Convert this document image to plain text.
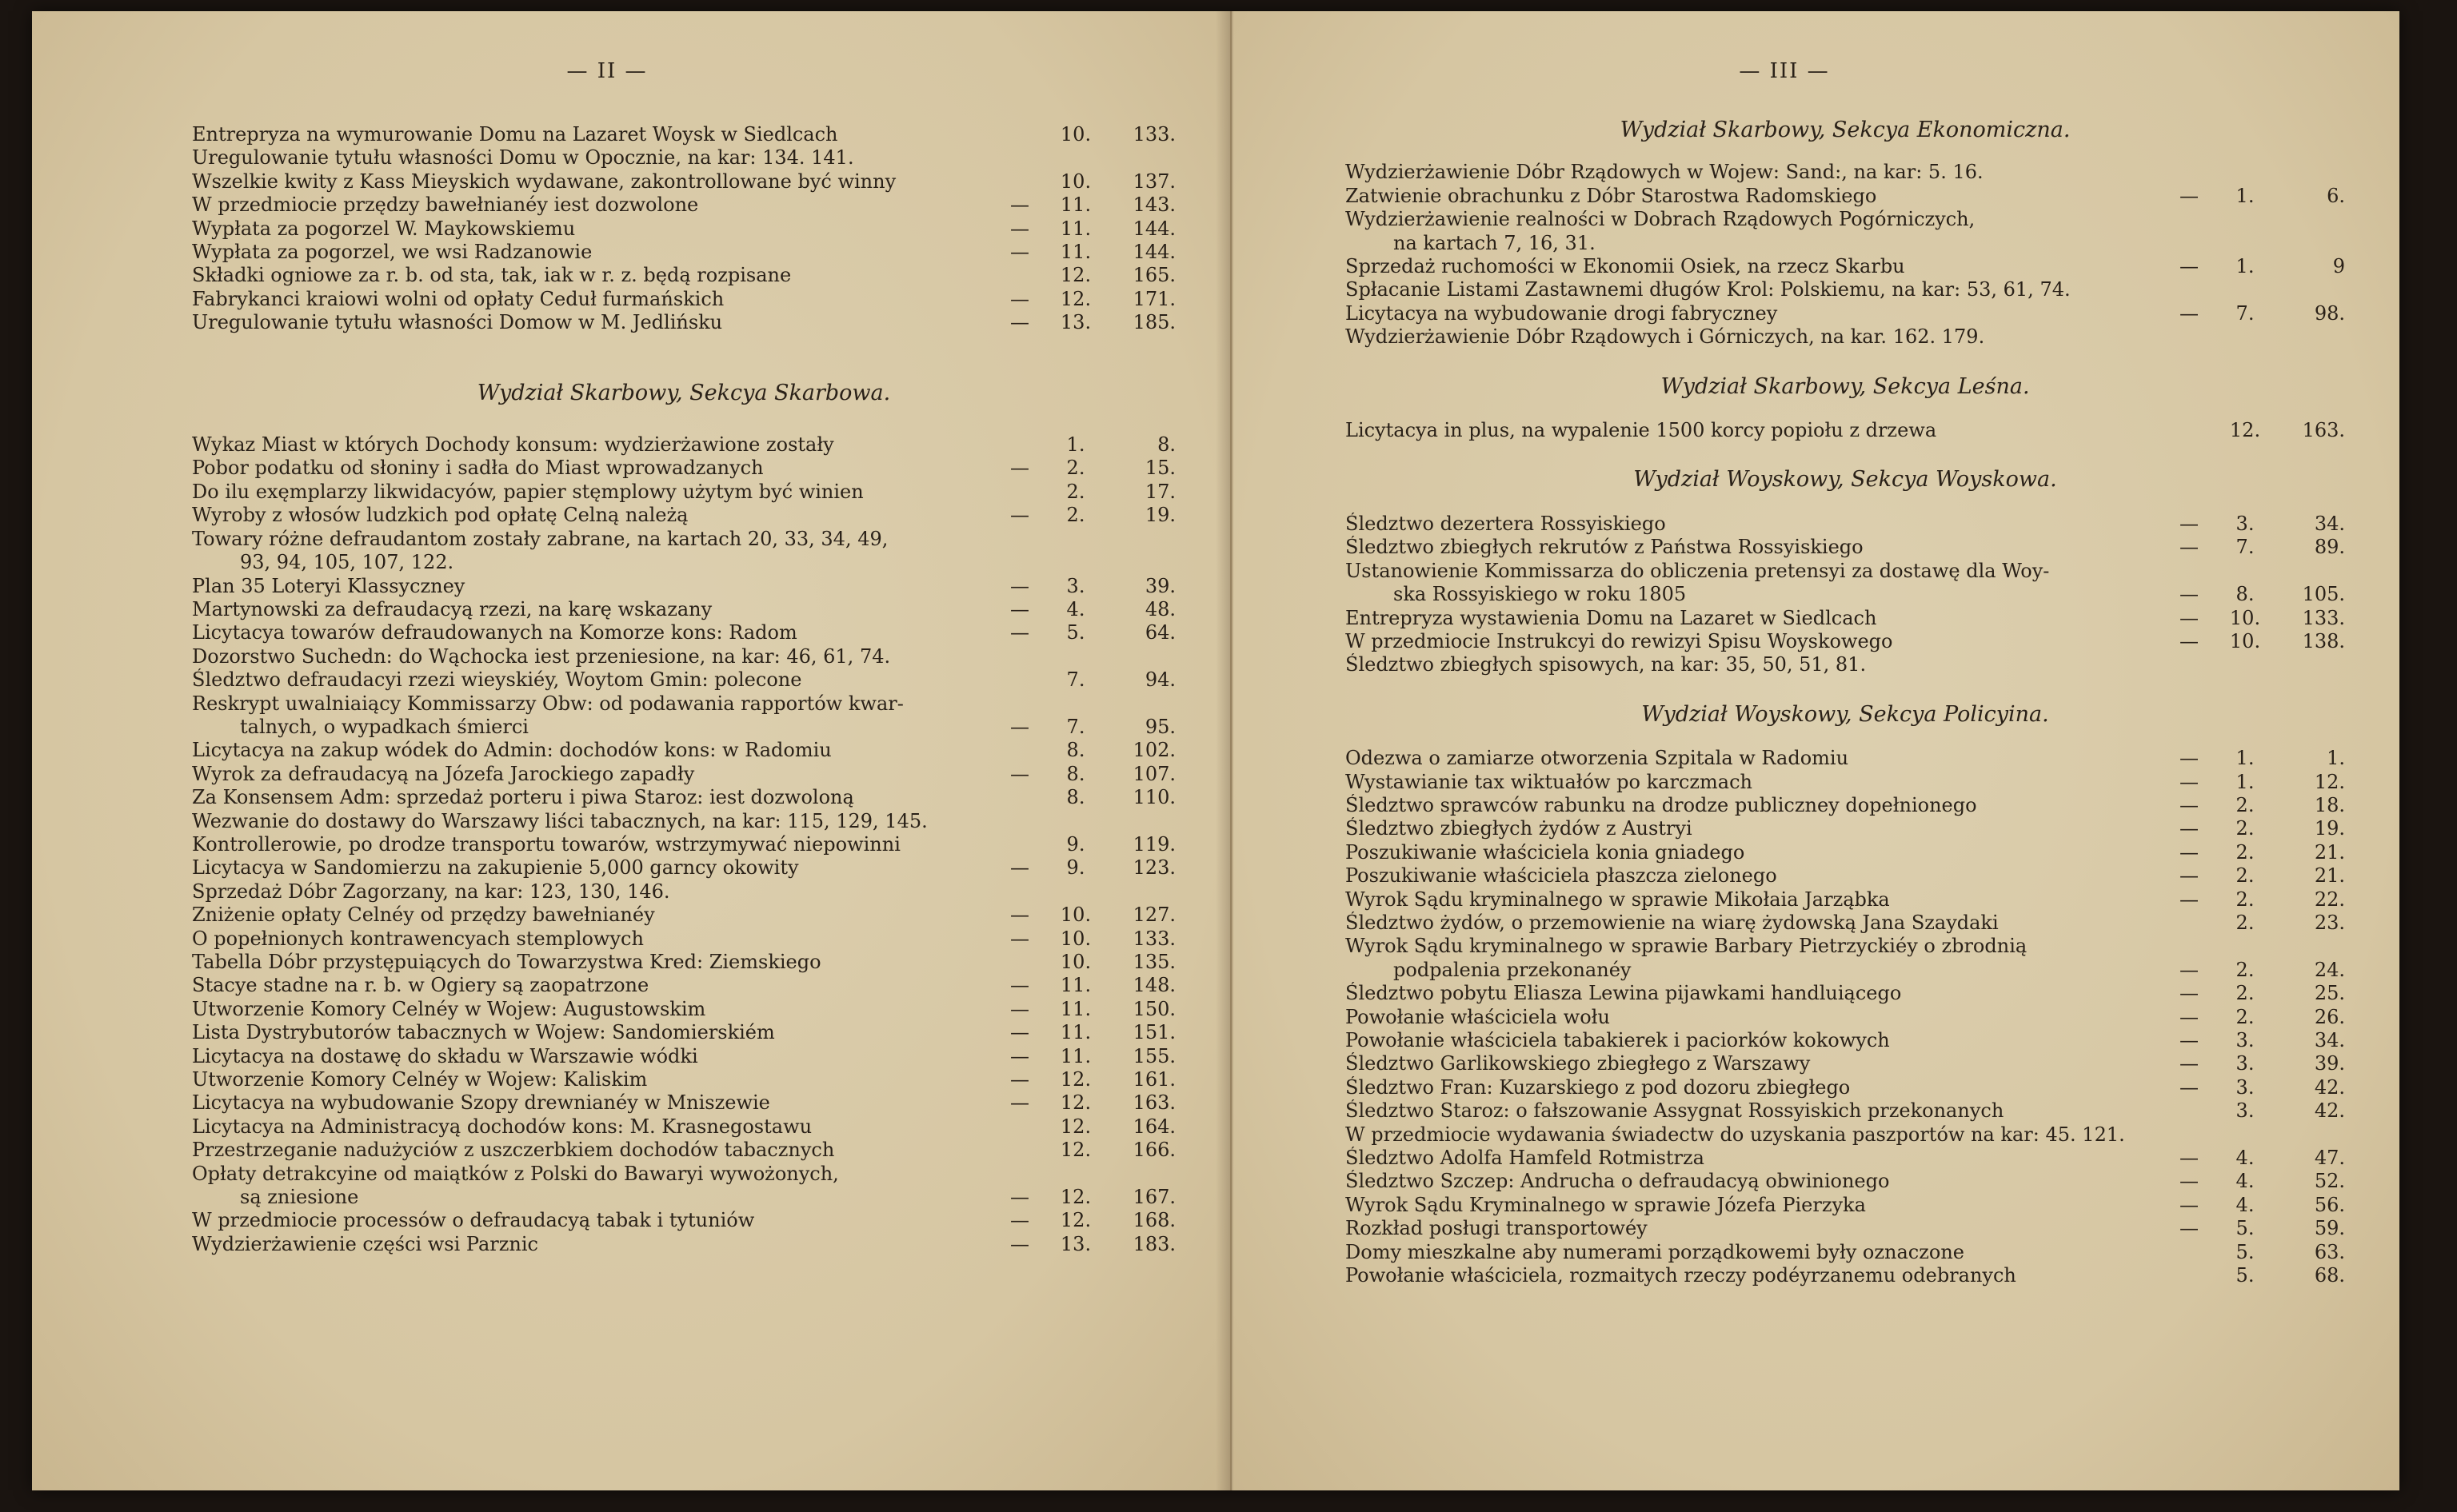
— II —
Entrepryza na wymurowanie Domu na Lazaret Woysk w Siedlcach	10.	133.
Uregulowanie tytułu własności Domu w Opocznie, na kar: 134. 141.
Wszelkie kwity z Kass Mieyskich wydawane, zakontrollowane być winny	10.	137.
W przedmiocie przędzy bawełnianéy iest dozwolone	—	11.	143.
Wypłata za pogorzel W. Maykowskiemu	—	11.	144.
Wypłata za pogorzel, we wsi Radzanowie	—	11.	144.
Składki ogniowe za r. b. od sta, tak, iak w r. z. będą rozpisane	12.	165.
Fabrykanci kraiowi wolni od opłaty Ceduł furmańskich	—	12.	171.
Uregulowanie tytułu własności Domow w M. Jedlińsku	—	13.	185.
Wydział Skarbowy, Sekcya Skarbowa.
Wykaz Miast w których Dochody konsum: wydzierżawione zostały	1.	8.
Pobor podatku od słoniny i sadła do Miast wprowadzanych	—	2.	15.
Do ilu exęmplarzy likwidacyów, papier stęmplowy użytym być winien	2.	17.
Wyroby z włosów ludzkich pod opłatę Celną należą	—	2.	19.
Towary różne defraudantom zostały zabrane, na kartach 20, 33, 34, 49,
93, 94, 105, 107, 122.
Plan 35 Loteryi Klassyczney	—	3.	39.
Martynowski za defraudacyą rzezi, na karę wskazany	—	4.	48.
Licytacya towarów defraudowanych na Komorze kons: Radom	—	5.	64.
Dozorstwo Suchedn: do Wąchocka iest przeniesione, na kar: 46, 61, 74.
Śledztwo defraudacyi rzezi wieyskiéy, Woytom Gmin: polecone	7.	94.
Reskrypt uwalniaiący Kommissarzy Obw: od podawania rapportów kwar-
talnych, o wypadkach śmierci	—	7.	95.
Licytacya na zakup wódek do Admin: dochodów kons: w Radomiu	8.	102.
Wyrok za defraudacyą na Józefa Jarockiego zapadły	—	8.	107.
Za Konsensem Adm: sprzedaż porteru i piwa Staroz: iest dozwoloną	8.	110.
Wezwanie do dostawy do Warszawy liści tabacznych, na kar: 115, 129, 145.
Kontrollerowie, po drodze transportu towarów, wstrzymywać niepowinni	9.	119.
Licytacya w Sandomierzu na zakupienie 5,000 garncy okowity	—	9.	123.
Sprzedaż Dóbr Zagorzany, na kar: 123, 130, 146.
Zniżenie opłaty Celnéy od przędzy bawełnianéy	—	10.	127.
O popełnionych kontrawencyach stemplowych	—	10.	133.
Tabella Dóbr przystępuiących do Towarzystwa Kred: Ziemskiego	10.	135.
Stacye stadne na r. b. w Ogiery są zaopatrzone	—	11.	148.
Utworzenie Komory Celnéy w Wojew: Augustowskim	—	11.	150.
Lista Dystrybutorów tabacznych w Wojew: Sandomierskiém	—	11.	151.
Licytacya na dostawę do składu w Warszawie wódki	—	11.	155.
Utworzenie Komory Celnéy w Wojew: Kaliskim	—	12.	161.
Licytacya na wybudowanie Szopy drewnianéy w Mniszewie	—	12.	163.
Licytacya na Administracyą dochodów kons: M. Krasnegostawu	12.	164.
Przestrzeganie nadużyciów z uszczerbkiem dochodów tabacznych	12.	166.
Opłaty detrakcyine od maiątków z Polski do Bawaryi wywożonych,
są zniesione	—	12.	167.
W przedmiocie processów o defraudacyą tabak i tytuniów	—	12.	168.
Wydzierżawienie części wsi Parznic	—	13.	183.
— III —
Wydział Skarbowy, Sekcya Ekonomiczna.
Wydzierżawienie Dóbr Rządowych w Wojew: Sand:, na kar: 5. 16.
Zatwienie obrachunku z Dóbr Starostwa Radomskiego	—	1.	6.
Wydzierżawienie realności w Dobrach Rządowych Pogórniczych,
na kartach 7, 16, 31.
Sprzedaż ruchomości w Ekonomii Osiek, na rzecz Skarbu	—	1.	9
Spłacanie Listami Zastawnemi długów Krol: Polskiemu, na kar: 53, 61, 74.
Licytacya na wybudowanie drogi fabryczney	—	7.	98.
Wydzierżawienie Dóbr Rządowych i Górniczych, na kar. 162. 179.
Wydział Skarbowy, Sekcya Leśna.
Licytacya in plus, na wypalenie 1500 korcy popiołu z drzewa	12.	163.
Wydział Woyskowy, Sekcya Woyskowa.
Śledztwo dezertera Rossyiskiego	—	3.	34.
Śledztwo zbiegłych rekrutów z Państwa Rossyiskiego	—	7.	89.
Ustanowienie Kommissarza do obliczenia pretensyi za dostawę dla Woy-
ska Rossyiskiego w roku 1805	—	8.	105.
Entrepryza wystawienia Domu na Lazaret w Siedlcach	—	10.	133.
W przedmiocie Instrukcyi do rewizyi Spisu Woyskowego	—	10.	138.
Śledztwo zbiegłych spisowych, na kar: 35, 50, 51, 81.
Wydział Woyskowy, Sekcya Policyina.
Odezwa o zamiarze otworzenia Szpitala w Radomiu	—	1.	1.
Wystawianie tax wiktuałów po karczmach	—	1.	12.
Śledztwo sprawców rabunku na drodze publiczney dopełnionego	—	2.	18.
Śledztwo zbiegłych żydów z Austryi	—	2.	19.
Poszukiwanie właściciela konia gniadego	—	2.	21.
Poszukiwanie właściciela płaszcza zielonego	—	2.	21.
Wyrok Sądu kryminalnego w sprawie Mikołaia Jarząbka	—	2.	22.
Śledztwo żydów, o przemowienie na wiarę żydowską Jana Szaydaki	2.	23.
Wyrok Sądu kryminalnego w sprawie Barbary Pietrzyckiéy o zbrodnią
podpalenia przekonanéy	—	2.	24.
Śledztwo pobytu Eliasza Lewina pijawkami handluiącego	—	2.	25.
Powołanie właściciela wołu	—	2.	26.
Powołanie właściciela tabakierek i paciorków kokowych	—	3.	34.
Śledztwo Garlikowskiego zbiegłego z Warszawy	—	3.	39.
Śledztwo Fran: Kuzarskiego z pod dozoru zbiegłego	—	3.	42.
Śledztwo Staroz: o fałszowanie Assygnat Rossyiskich przekonanych	3.	42.
W przedmiocie wydawania świadectw do uzyskania paszportów na kar: 45. 121.
Śledztwo Adolfa Hamfeld Rotmistrza	—	4.	47.
Śledztwo Szczep: Andrucha o defraudacyą obwinionego	—	4.	52.
Wyrok Sądu Kryminalnego w sprawie Józefa Pierzyka	—	4.	56.
Rozkład posługi transportowéy	—	5.	59.
Domy mieszkalne aby numerami porządkowemi były oznaczone	5.	63.
Powołanie właściciela, rozmaitych rzeczy podéyrzanemu odebranych	5.	68.
